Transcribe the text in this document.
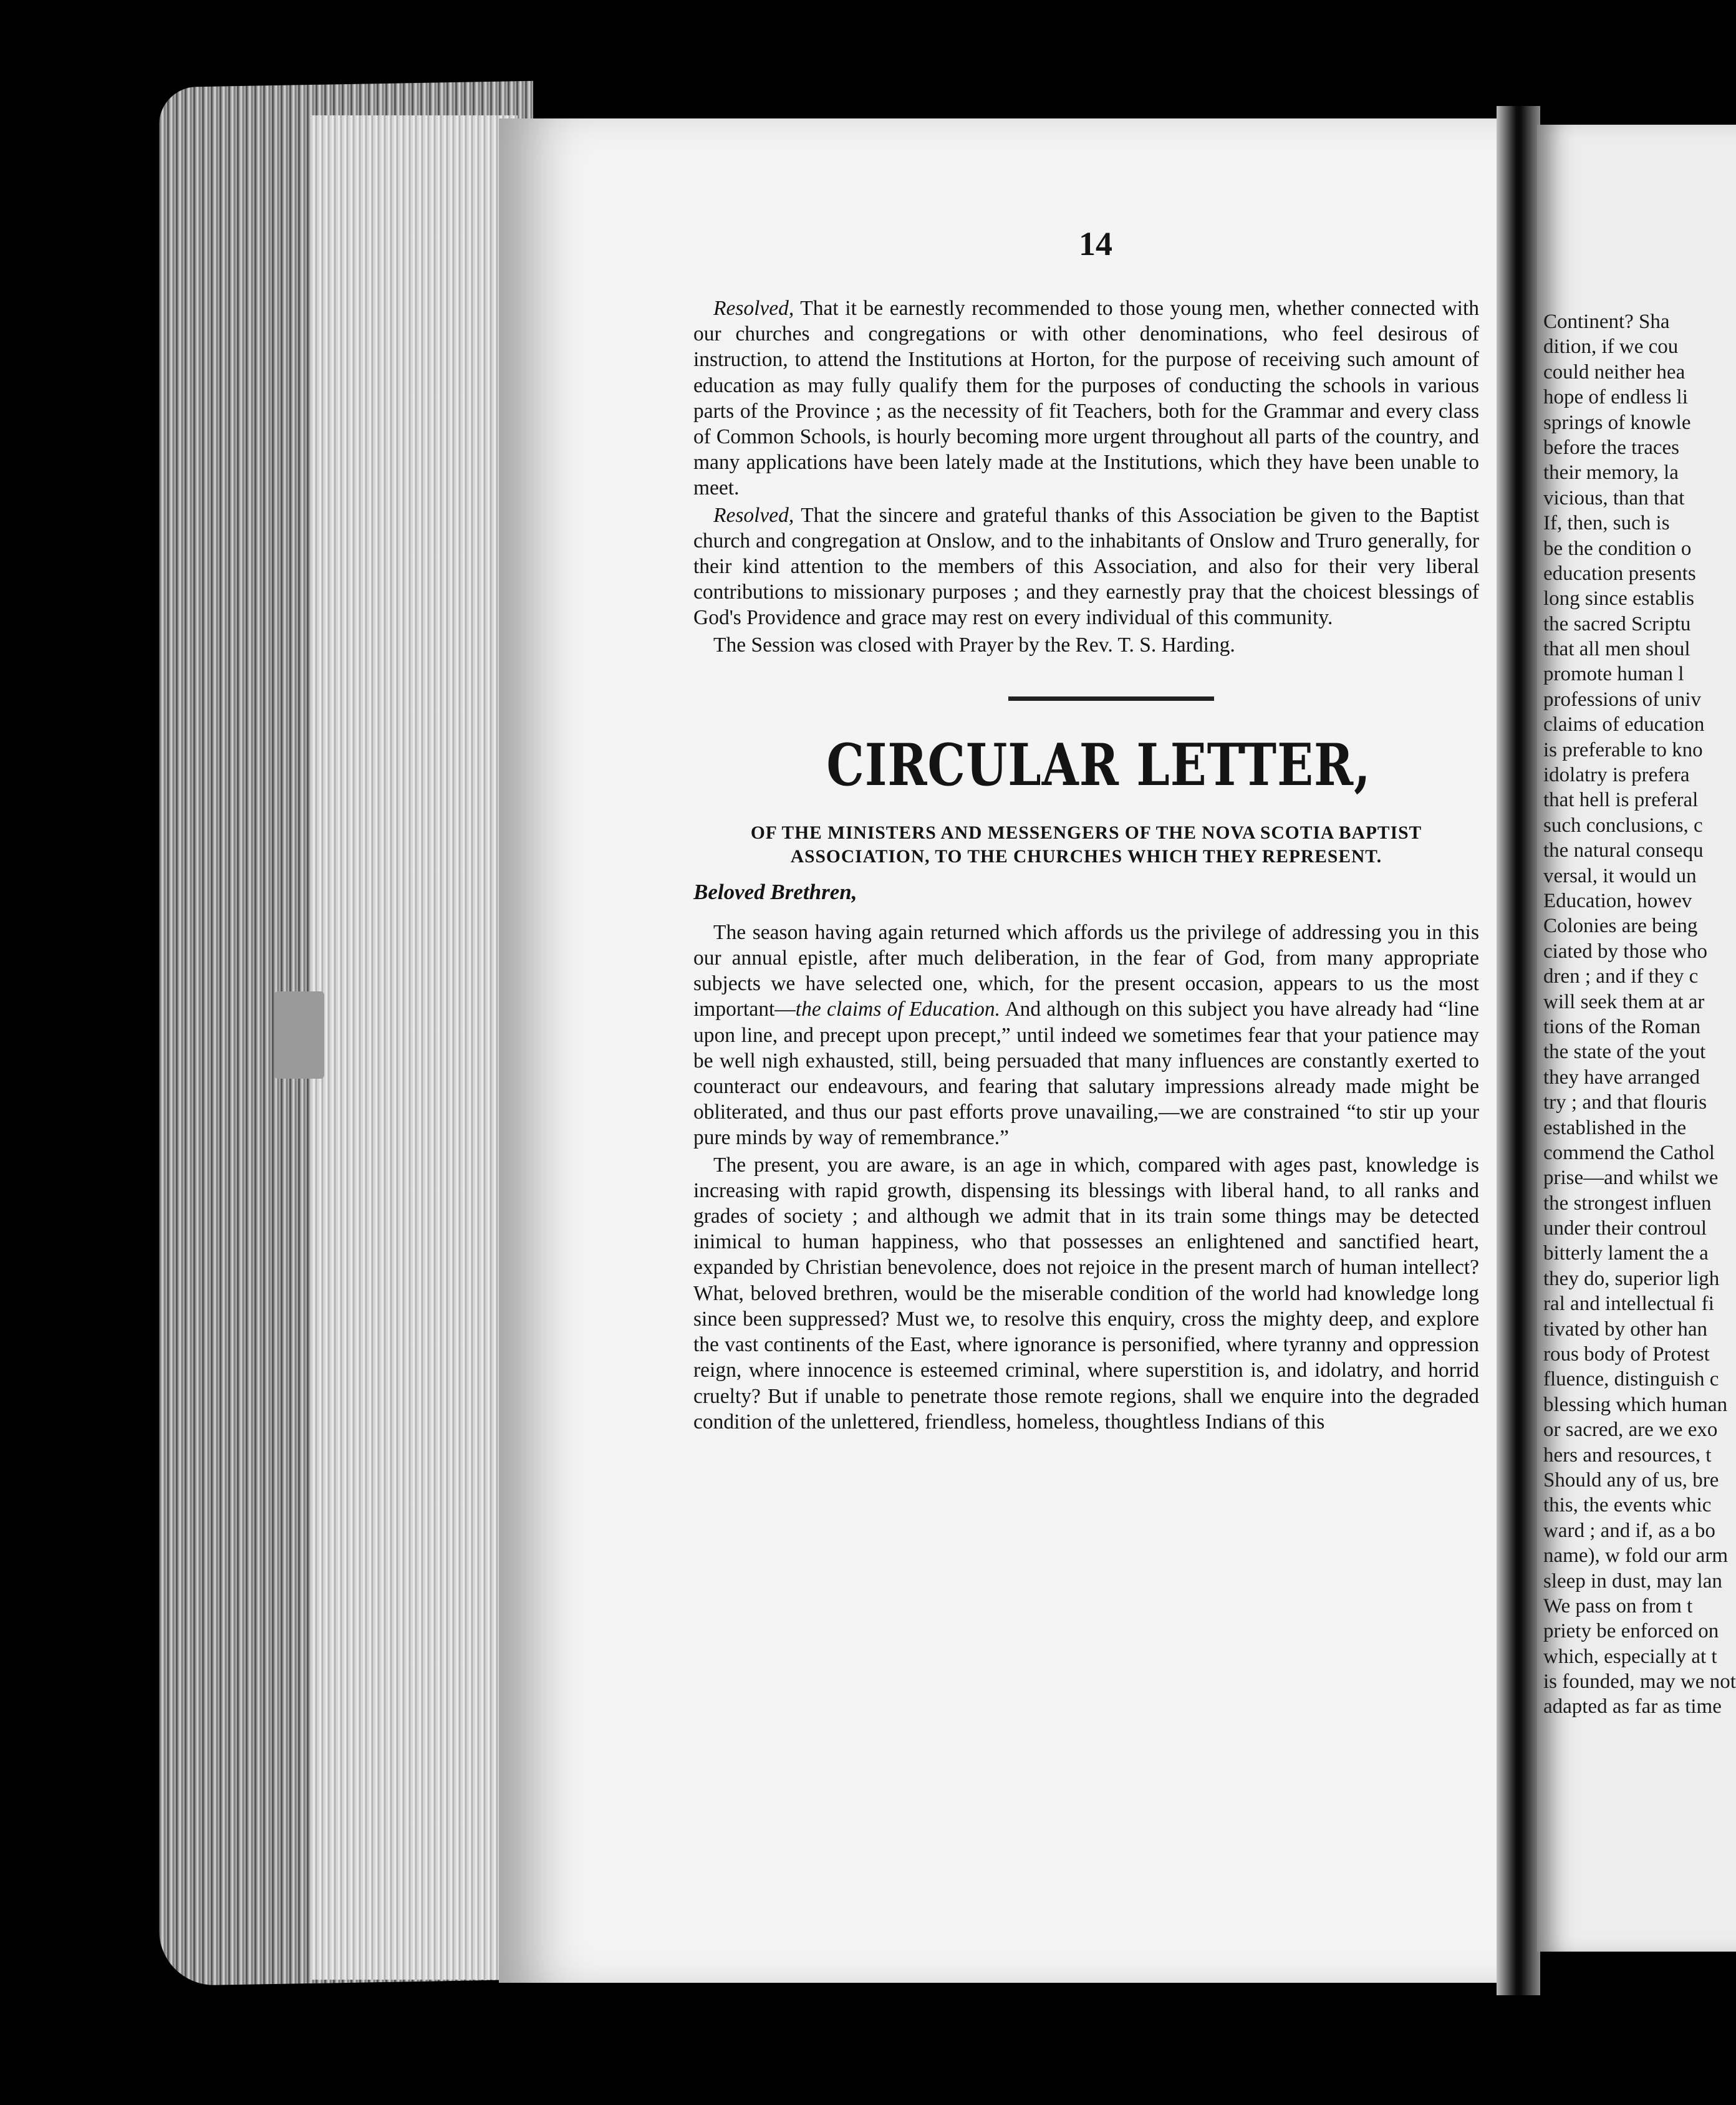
Continent? Sha
dition, if we cou
could neither hea
hope of endless li
springs of knowle
before the traces
their memory, la
vicious, than that
If, then, such is
be the condition o
education presents
long since establis
the sacred Scriptu
that all men shoul
promote human l
professions of univ
claims of education
is preferable to kno
idolatry is prefera
that hell is preferal
such conclusions, c
the natural consequ
versal, it would un
Education, howev
Colonies are being
ciated by those who
dren ; and if they c
will seek them at ar
tions of the Roman
the state of the yout
they have arranged
try ; and that flouris
established in the
commend the Cathol
prise—and whilst we
the strongest influen
under their controul
bitterly lament the a
they do, superior ligh
ral and intellectual fi
tivated by other han
rous body of Protest
fluence, distinguish c
blessing which human
or sacred, are we exo
hers and resources, t
Should any of us, bre
this, the events whic
ward ; and if, as a bo
name), w fold our arm
sleep in dust, may lan
We pass on from t
priety be enforced on
which, especially at t
is founded, may we not
adapted as far as time
14

Resolved, That it be earnestly recommended to those young men, whether connected with our churches and congregations or with other denominations, who feel desirous of instruction, to attend the Institutions at Horton, for the purpose of receiving such amount of education as may fully qualify them for the purposes of conducting the schools in various parts of the Province ; as the necessity of fit Teachers, both for the Grammar and every class of Common Schools, is hourly becoming more urgent throughout all parts of the country, and many applications have been lately made at the Institutions, which they have been unable to meet.

Resolved, That the sincere and grateful thanks of this Association be given to the Baptist church and congregation at Onslow, and to the inhabitants of Onslow and Truro generally, for their kind attention to the members of this Association, and also for their very liberal contributions to missionary purposes ; and they earnestly pray that the choicest blessings of God's Providence and grace may rest on every individual of this community.

The Session was closed with Prayer by the Rev. T. S. Harding.

CIRCULAR LETTER,
OF THE MINISTERS AND MESSENGERS OF THE NOVA SCOTIA BAPTIST ASSOCIATION, TO THE CHURCHES WHICH THEY REPRESENT.
Beloved Brethren,

The season having again returned which affords us the privilege of addressing you in this our annual epistle, after much deliberation, in the fear of God, from many appropriate subjects we have selected one, which, for the present occasion, appears to us the most important—the claims of Education. And although on this subject you have already had “line upon line, and precept upon precept,” until indeed we sometimes fear that your patience may be well nigh exhausted, still, being persuaded that many influences are constantly exerted to counteract our endeavours, and fearing that salutary impressions already made might be obliterated, and thus our past efforts prove unavailing,—we are constrained “to stir up your pure minds by way of remembrance.”

The present, you are aware, is an age in which, compared with ages past, knowledge is increasing with rapid growth, dispensing its blessings with liberal hand, to all ranks and grades of society ; and although we admit that in its train some things may be detected inimical to human happiness, who that possesses an enlightened and sanctified heart, expanded by Christian benevolence, does not rejoice in the present march of human intellect? What, beloved brethren, would be the miserable condition of the world had knowledge long since been suppressed? Must we, to resolve this enquiry, cross the mighty deep, and explore the vast continents of the East, where ignorance is personified, where tyranny and oppression reign, where innocence is esteemed criminal, where superstition is, and idolatry, and horrid cruelty? But if unable to penetrate those remote regions, shall we enquire into the degraded condition of the unlettered, friendless, homeless, thoughtless Indians of this
